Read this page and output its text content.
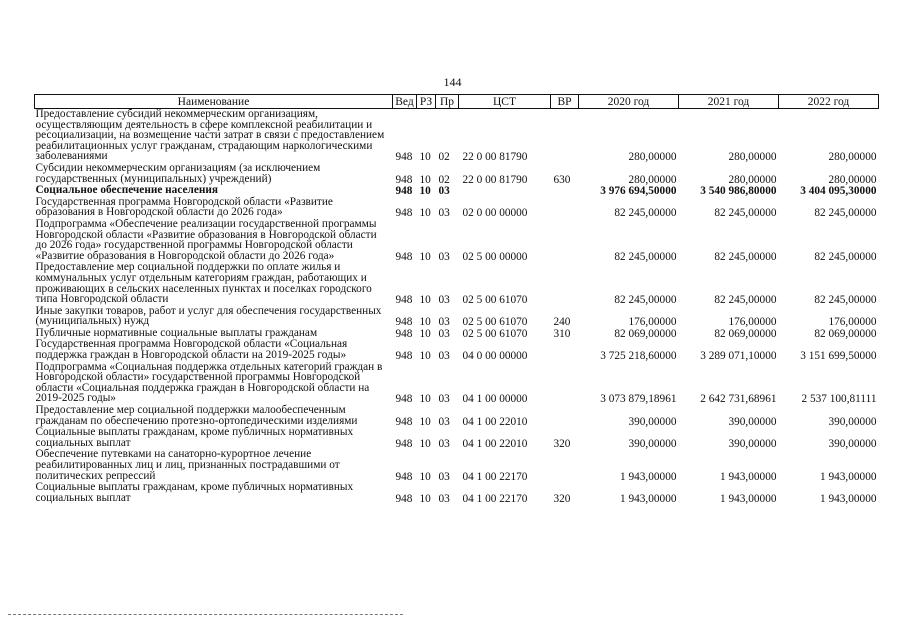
144
Наименование	Вед	РЗ	Пр	ЦСТ	ВР	2020 год	2021 год	2022 год
Предоставление субсидий некоммерческим организациям, осуществляющим деятельность в сфере комплексной реабилитации и ресоциализации, на возмещение части затрат в связи с предоставлением реабилитационных услуг гражданам, страдающим наркологическими заболеваниями	948	10	02	22 0 00 81790		280,00000	280,00000	280,00000
Субсидии некоммерческим организациям (за исключением государственных (муниципальных) учреждений)	948	10	02	22 0 00 81790	630	280,00000	280,00000	280,00000
Социальное обеспечение населения	948	10	03			3 976 694,50000	3 540 986,80000	3 404 095,30000
Государственная программа Новгородской области «Развитие образования в Новгородской области до 2026 года»	948	10	03	02 0 00 00000		82 245,00000	82 245,00000	82 245,00000
Подпрограмма «Обеспечение реализации государственной программы Новгородской области «Развитие образования в Новгородской области до 2026 года» государственной программы Новгородской области «Развитие образования в Новгородской области до 2026 года»	948	10	03	02 5 00 00000		82 245,00000	82 245,00000	82 245,00000
Предоставление мер социальной поддержки по оплате жилья и коммунальных услуг отдельным категориям граждан, работающих и проживающих в сельских населенных пунктах и поселках городского типа Новгородской области	948	10	03	02 5 00 61070		82 245,00000	82 245,00000	82 245,00000
Иные закупки товаров, работ и услуг для обеспечения государственных (муниципальных) нужд	948	10	03	02 5 00 61070	240	176,00000	176,00000	176,00000
Публичные нормативные социальные выплаты гражданам	948	10	03	02 5 00 61070	310	82 069,00000	82 069,00000	82 069,00000
Государственная программа Новгородской области «Социальная поддержка граждан в Новгородской области на 2019-2025 годы»	948	10	03	04 0 00 00000		3 725 218,60000	3 289 071,10000	3 151 699,50000
Подпрограмма «Социальная поддержка отдельных категорий граждан в Новгородской области» государственной программы Новгородской области «Социальная поддержка граждан в Новгородской области на 2019-2025 годы»	948	10	03	04 1 00 00000		3 073 879,18961	2 642 731,68961	2 537 100,81111
Предоставление мер социальной поддержки малообеспеченным гражданам по обеспечению протезно-ортопедическими изделиями	948	10	03	04 1 00 22010		390,00000	390,00000	390,00000
Социальные выплаты гражданам, кроме публичных нормативных социальных выплат	948	10	03	04 1 00 22010	320	390,00000	390,00000	390,00000
Обеспечение путевками на санаторно-курортное лечение реабилитированных лиц и лиц, признанных пострадавшими от политических репрессий	948	10	03	04 1 00 22170		1 943,00000	1 943,00000	1 943,00000
Социальные выплаты гражданам, кроме публичных нормативных социальных выплат	948	10	03	04 1 00 22170	320	1 943,00000	1 943,00000	1 943,00000
